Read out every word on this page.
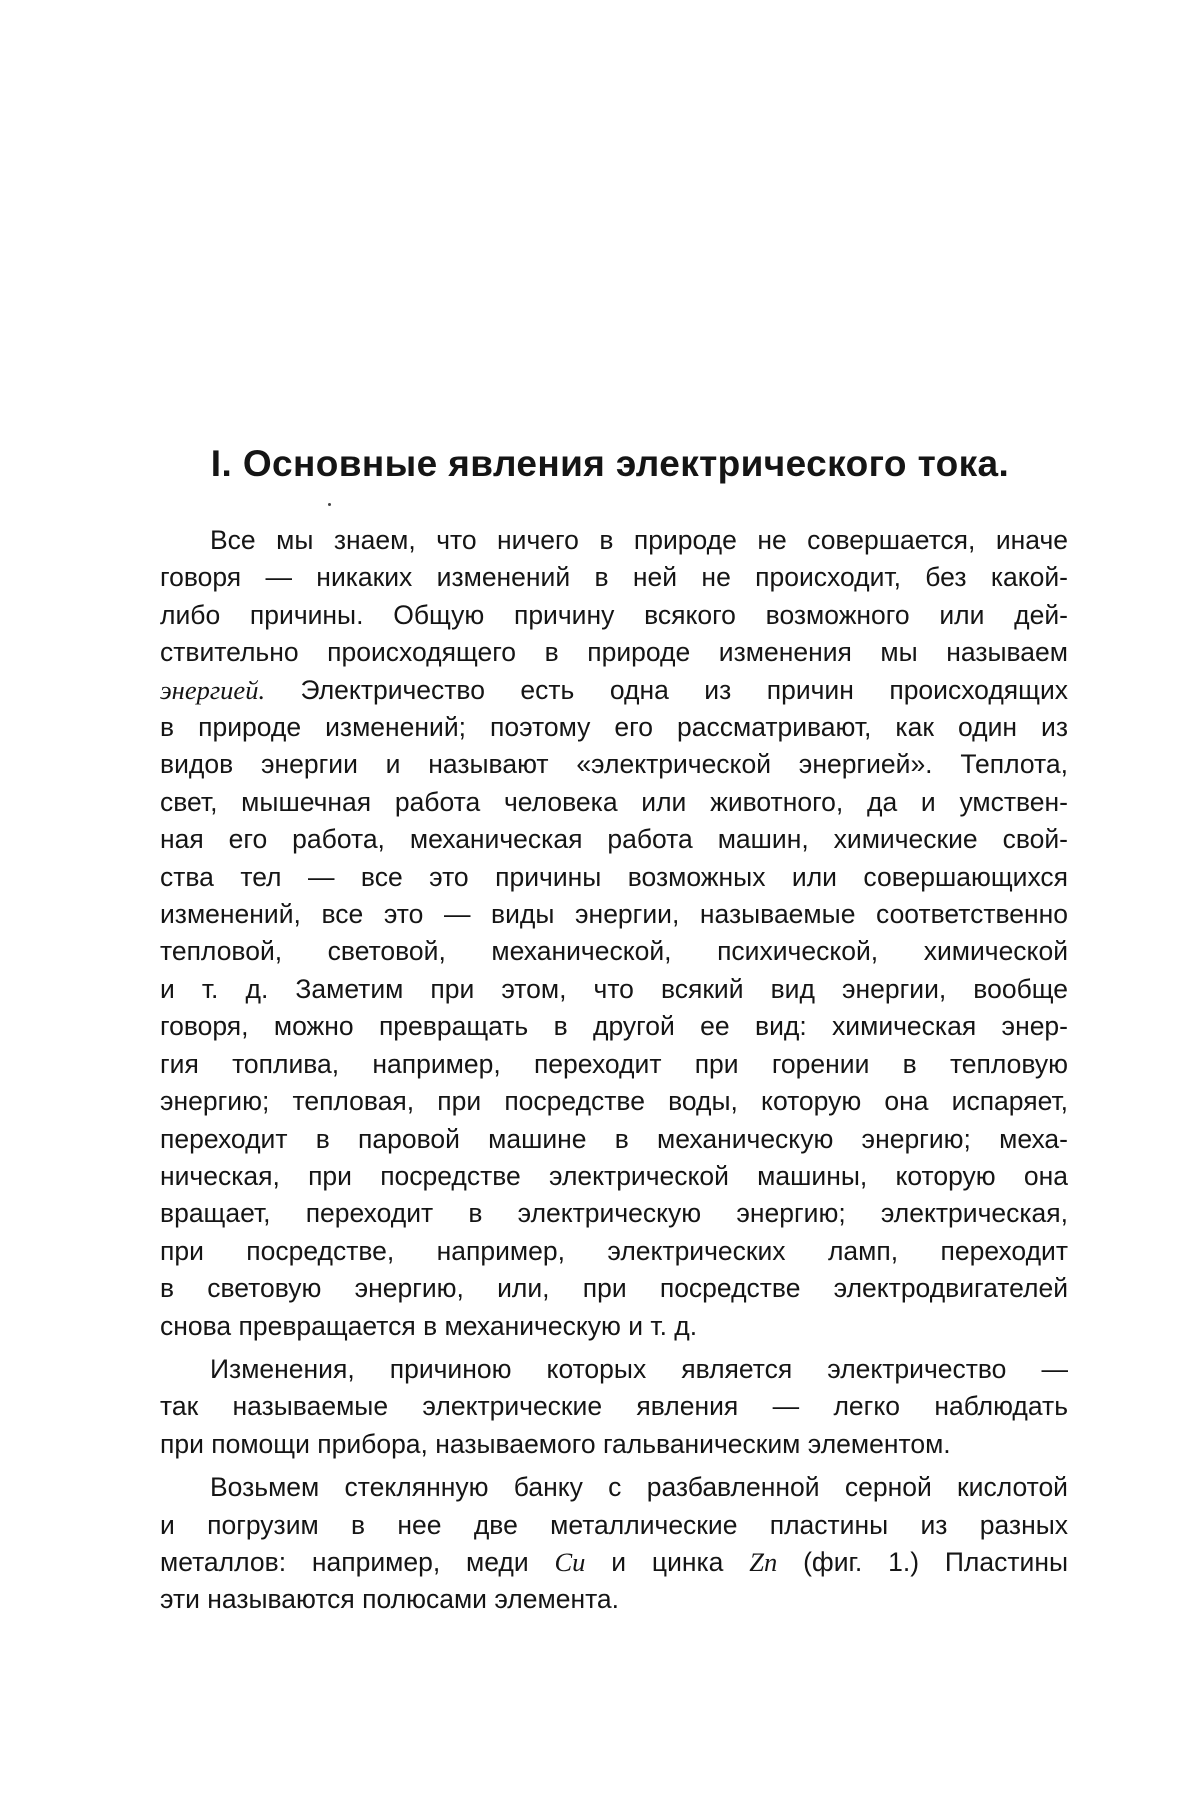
I. Основные явления электрического тока.
Все мы знаем, что ничего в природе не совершается, иначе
говоря — никаких изменений в ней не происходит, без какой-
либо причины. Общую причину всякого возможного или дей-
ствительно происходящего в природе изменения мы называем
энергией. Электричество есть одна из причин происходящих
в природе изменений; поэтому его рассматривают, как один из
видов энергии и называют «электрической энергией». Теплота,
свет, мышечная работа человека или животного, да и умствен-
ная его работа, механическая работа машин, химические свой-
ства тел — все это причины возможных или совершающихся
изменений, все это — виды энергии, называемые соответственно
тепловой, световой, механической, психической, химической
и т. д. Заметим при этом, что всякий вид энергии, вообще
говоря, можно превращать в другой ее вид: химическая энер-
гия топлива, например, переходит при горении в тепловую
энергию; тепловая, при посредстве воды, которую она испаряет,
переходит в паровой машине в механическую энергию; меха-
ническая, при посредстве электрической машины, которую она
вращает, переходит в электрическую энергию; электрическая,
при посредстве, например, электрических ламп, переходит
в световую энергию, или, при посредстве электродвигателей
снова превращается в механическую и т. д.
Изменения, причиною которых является электричество —
так называемые электрические явления — легко наблюдать
при помощи прибора, называемого гальваническим элементом.
Возьмем стеклянную банку с разбавленной серной кислотой
и погрузим в нее две металлические пластины из разных
металлов: например, меди Cu и цинка Zn (фиг. 1.) Пластины
эти называются полюсами элемента.
